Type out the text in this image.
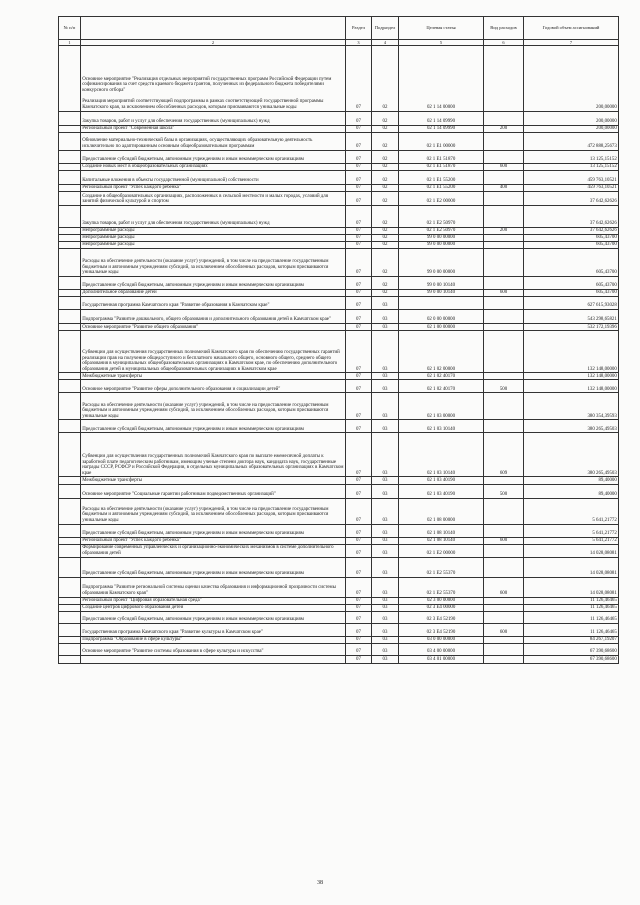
№ п/п		Раздел	Подраздел	Целевая статья	Вид расходов	Годовой объем ассигнований
1	2	3	4	5	6	7

	Основное мероприятие "Реализация отдельных мероприятий государственных программ Российской Федерации путем софинансирования за счет средств краевого бюджета грантов, полученных из федерального бюджета победителями конкурсного отбора"
Реализация мероприятий соответствующей подпрограммы в рамках соответствующей государственной программы Камчатского края, за исключением обособленных расходов, которым присваиваются уникальные коды	07	02	02 1 14 00000		200,00000
	Закупка товаров, работ и услуг для обеспечения государственных (муниципальных) нужд	07	02	02 1 14 09990		200,00000
	Региональный проект "Современная школа"	07	02	02 1 14 09990	200	200,00000
	Обновление материально-технической базы в организациях, осуществляющих образовательную деятельность исключительно по адаптированным основным общеобразовательным программам	07	02	02 1 E1 00000		472 888,25673
	Предоставление субсидий бюджетным, автономным учреждениям и иным некоммерческим организациям	07	02	02 1 E1 51870		13 125,15152
	Создание новых мест в общеобразовательных организациях	07	02	02 1 E1 51870	600	13 125,15152
	Капитальные вложения в объекты государственной (муниципальной) собственности	07	02	02 1 E1 55200		459 763,10521
	Региональный проект "Успех каждого ребенка"	07	02	02 1 E1 55200	400	459 763,10521
	Создание в общеобразовательных организациях, расположенных в сельской местности и малых городах, условий для занятий физической культурой и спортом	07	02	02 1 E2 00000		37 642,62626
	Закупка товаров, работ и услуг для обеспечения государственных (муниципальных) нужд	07	02	02 1 E2 50970		37 642,62626
	Непрограммные расходы	07	02	02 1 E2 50970	200	37 642,62626
	Непрограммные расходы	07	02	99 0 00 00000		605,43700
	Непрограммные расходы	07	02	99 0 00 00000		605,43700
	Расходы на обеспечение деятельности (оказание услуг) учреждений, в том числе на предоставление государственным бюджетным и автономным учреждениям субсидий, за исключением обособленных расходов, которым присваиваются уникальные коды	07	02	99 0 00 00000		605,43700
	Предоставление субсидий бюджетным, автономным учреждениям и иным некоммерческим организациям	07	02	99 0 00 10140		605,43700
	Дополнительное образование детей	07	02	99 0 00 10140	600	605,43700
	Государственная программа Камчатского края "Развитие образования в Камчатском крае"	07	03			627 615,93028
	Подпрограмма "Развитие дошкольного, общего образования и дополнительного образования детей в Камчатском крае"	07	03	02 0 00 00000		543 298,65821
	Основное мероприятие "Развитие общего образования"	07	03	02 1 00 00000		532 172,19396
	Субвенции для осуществления государственных полномочий Камчатского края по обеспечению государственных гарантий реализации прав на получение общедоступного и бесплатного начального общего, основного общего, среднего общего образования в муниципальных общеобразовательных организациях в Камчатском крае, по обеспечению дополнительного образования детей в муниципальных общеобразовательных организациях в Камчатском крае	07	03	02 1 02 00000		132 148,00000
	Межбюджетные трансферты	07	03	02 1 02 40170		132 148,00000
	Основное мероприятие "Развитие сферы дополнительного образования и социализации детей"	07	03	02 1 02 40170	500	132 148,00000
	Расходы на обеспечение деятельности (оказание услуг) учреждений, в том числе на предоставление государственным бюджетным и автономным учреждениям субсидий, за исключением обособленных расходов, которым присваиваются уникальные коды	07	03	02 1 03 00000		380 354,39593
	Предоставление субсидий бюджетным, автономным учреждениям и иным некоммерческим организациям	07	03	02 1 03 10140		380 265,49503
	Субвенции для осуществления государственных полномочий Камчатского края по выплате ежемесячной доплаты к заработной плате педагогическим работникам, имеющим ученые степени доктора наук, кандидата наук, государственные награды СССР, РСФСР и Российской Федерации, в отдельных муниципальных образовательных организациях в Камчатском крае	07	03	02 1 03 10140	609	380 265,49503
	Межбюджетные трансферты	07	03	02 1 03 40190		89,40000
	Основное мероприятие "Социальные гарантии работникам подведомственных организаций"	07	03	02 1 03 40190	500	89,40000
	Расходы на обеспечение деятельности (оказание услуг) учреждений, в том числе на предоставление государственным бюджетным и автономным учреждениям субсидий, за исключением обособленных расходов, которым присваиваются уникальные коды	07	03	02 1 08 00000		5 641,21772
	Предоставление субсидий бюджетным, автономным учреждениям и иным некоммерческим организациям	07	03	02 1 08 10140		5 641,21772
	Региональный проект "Успех каждого ребенка"	07	03	02 1 08 10140	600	5 641,21772
	Формирование современных управленческих и организационно-экономических механизмов в системе дополнительного образования детей	07	03	02 1 E2 00000		14 028,08081
	Предоставление субсидий бюджетным, автономным учреждениям и иным некоммерческим организациям	07	03	02 1 E2 55370		14 028,08081
	Подпрограмма "Развитие региональной системы оценки качества образования и информационной прозрачности системы образования Камчатского края"	07	03	02 1 E2 55370	600	14 028,08081
	Региональный проект "Цифровая образовательная среда"	07	03	02 3 00 00000		11 126,46465
	Создание центров цифрового образования детей	07	03	02 3 E4 00000		11 126,46465
	Предоставление субсидий бюджетным, автономным учреждениям и иным некоммерческим организациям	07	03	02 3 E4 52190		11 126,46465
	Государственная программа Камчатского края "Развитие культуры в Камчатском крае"	07	03	02 3 E4 52190	600	11 126,46465
	Подпрограмма "Образование в сфере культуры"	07	03	03 0 00 00000		84 267,19207
	Основное мероприятие "Развитие системы образования в сфере культуры и искусства"	07	03	03 4 00 00000		67 390,68600
		07	03	03 4 01 00000		67 390,68600
38
